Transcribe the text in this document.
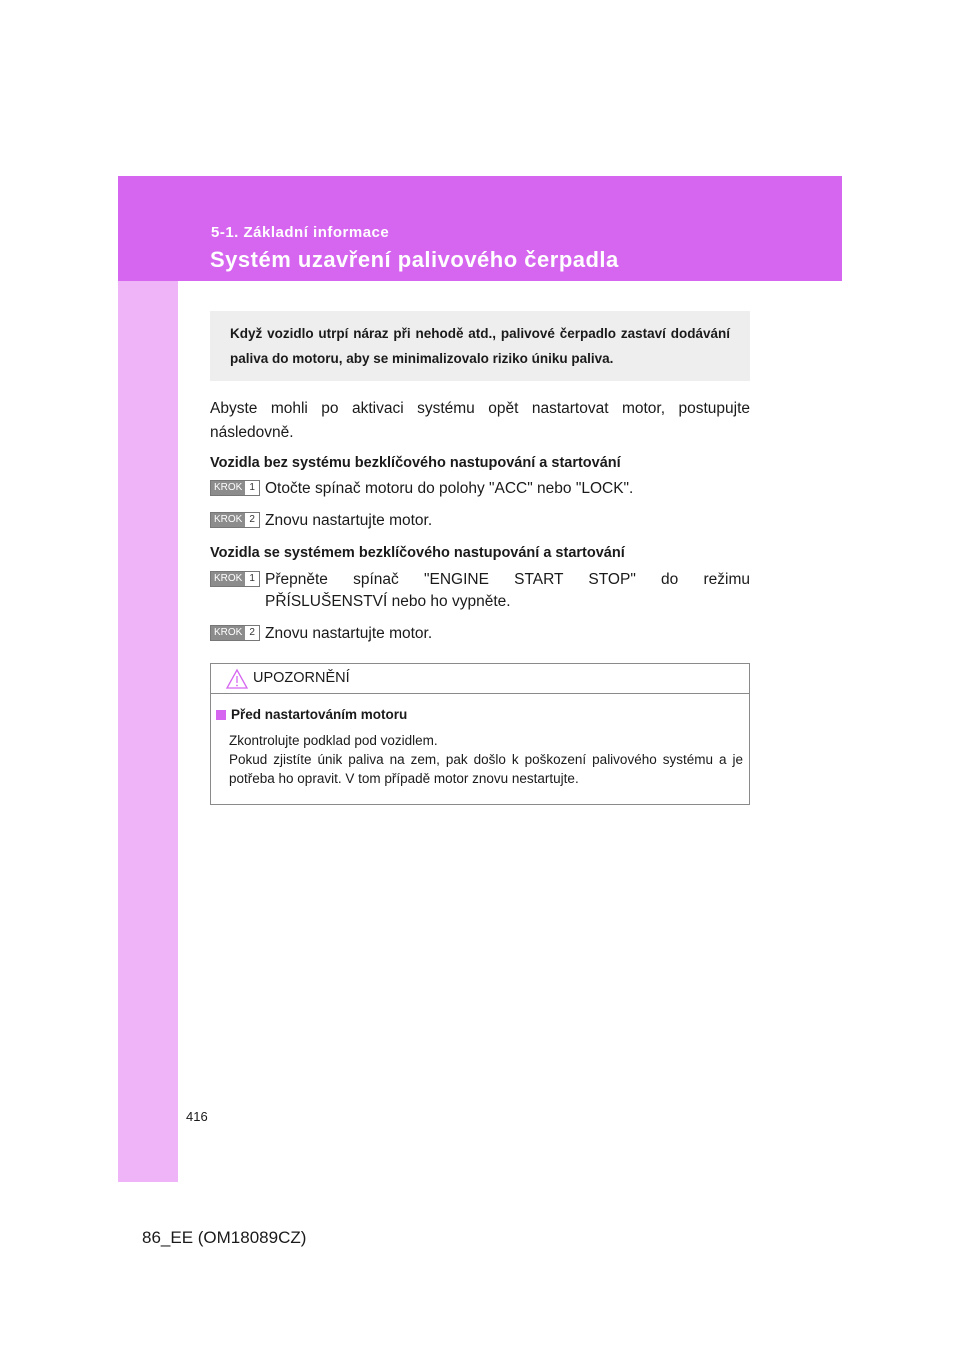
5-1. Základní informace
Systém uzavření palivového čerpadla
416
Když vozidlo utrpí náraz při nehodě atd., palivové čerpadlo zastaví dodávání paliva do motoru, aby se minimalizovalo riziko úniku paliva.
Abyste mohli po aktivaci systému opět nastartovat motor, postupujte následovně.
Vozidla bez systému bezklíčového nastupování a startování
KROK 1 Otočte spínač motoru do polohy "ACC" nebo "LOCK".
KROK 2 Znovu nastartujte motor.
Vozidla se systémem bezklíčového nastupování a startování
KROK 1 Přepněte spínač "ENGINE START STOP" do režimu PŘÍSLUŠENSTVÍ nebo ho vypněte.
KROK 2 Znovu nastartujte motor.
UPOZORNĚNÍ
Před nastartováním motoru
Zkontrolujte podklad pod vozidlem.
Pokud zjistíte únik paliva na zem, pak došlo k poškození palivového systému a je potřeba ho opravit. V tom případě motor znovu nestartujte.
86_EE (OM18089CZ)
